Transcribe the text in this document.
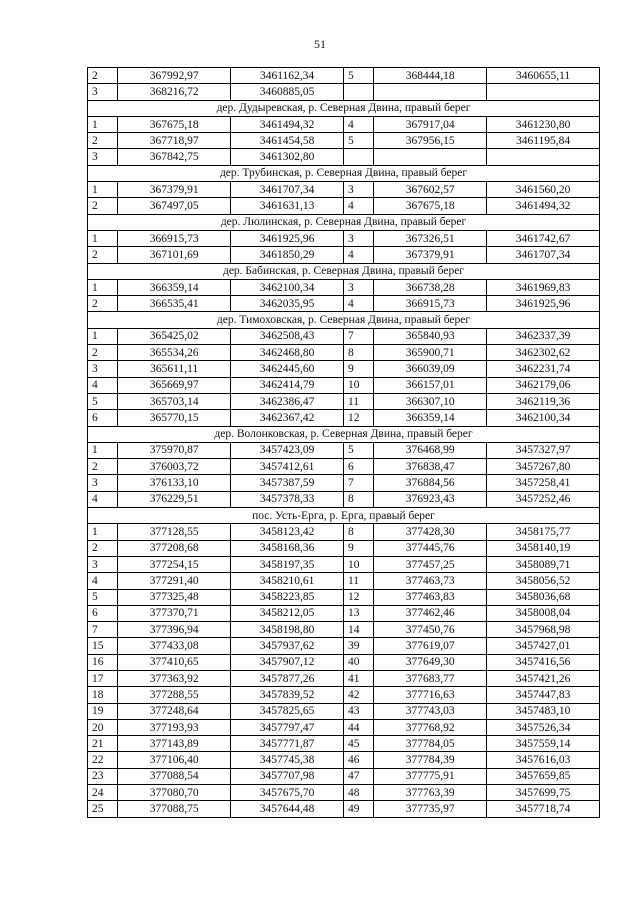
51
2	367992,97	3461162,34	5	368444,18	3460655,11
3	368216,72	3460885,05			
дер. Дудыревская, р. Северная Двина, правый берег					
1	367675,18	3461494,32	4	367917,04	3461230,80
2	367718,97	3461454,58	5	367956,15	3461195,84
3	367842,75	3461302,80			
дер. Трубинская, р. Северная Двина, правый берег					
1	367379,91	3461707,34	3	367602,57	3461560,20
2	367497,05	3461631,13	4	367675,18	3461494,32
дер. Люлинская, р. Северная Двина, правый берег					
1	366915,73	3461925,96	3	367326,51	3461742,67
2	367101,69	3461850,29	4	367379,91	3461707,34
дер. Бабинская, р. Северная Двина, правый берег					
1	366359,14	3462100,34	3	366738,28	3461969,83
2	366535,41	3462035,95	4	366915,73	3461925,96
дер. Тимоховская, р. Северная Двина, правый берег					
1	365425,02	3462508,43	7	365840,93	3462337,39
2	365534,26	3462468,80	8	365900,71	3462302,62
3	365611,11	3462445,60	9	366039,09	3462231,74
4	365669,97	3462414,79	10	366157,01	3462179,06
5	365703,14	3462386,47	11	366307,10	3462119,36
6	365770,15	3462367,42	12	366359,14	3462100,34
дер. Волонковская, р. Северная Двина, правый берег					
1	375970,87	3457423,09	5	376468,99	3457327,97
2	376003,72	3457412,61	6	376838,47	3457267,80
3	376133,10	3457387,59	7	376884,56	3457258,41
4	376229,51	3457378,33	8	376923,43	3457252,46
пос. Усть-Ерга, р. Ерга, правый берег					
1	377128,55	3458123,42	8	377428,30	3458175,77
2	377208,68	3458168,36	9	377445,76	3458140,19
3	377254,15	3458197,35	10	377457,25	3458089,71
4	377291,40	3458210,61	11	377463,73	3458056,52
5	377325,48	3458223,85	12	377463,83	3458036,68
6	377370,71	3458212,05	13	377462,46	3458008,04
7	377396,94	3458198,80	14	377450,76	3457968,98
15	377433,08	3457937,62	39	377619,07	3457427,01
16	377410,65	3457907,12	40	377649,30	3457416,56
17	377363,92	3457877,26	41	377683,77	3457421,26
18	377288,55	3457839,52	42	377716,63	3457447,83
19	377248,64	3457825,65	43	377743,03	3457483,10
20	377193,93	3457797,47	44	377768,92	3457526,34
21	377143,89	3457771,87	45	377784,05	3457559,14
22	377106,40	3457745,38	46	377784,39	3457616,03
23	377088,54	3457707,98	47	377775,91	3457659,85
24	377080,70	3457675,70	48	377763,39	3457699,75
25	377088,75	3457644,48	49	377735,97	3457718,74
